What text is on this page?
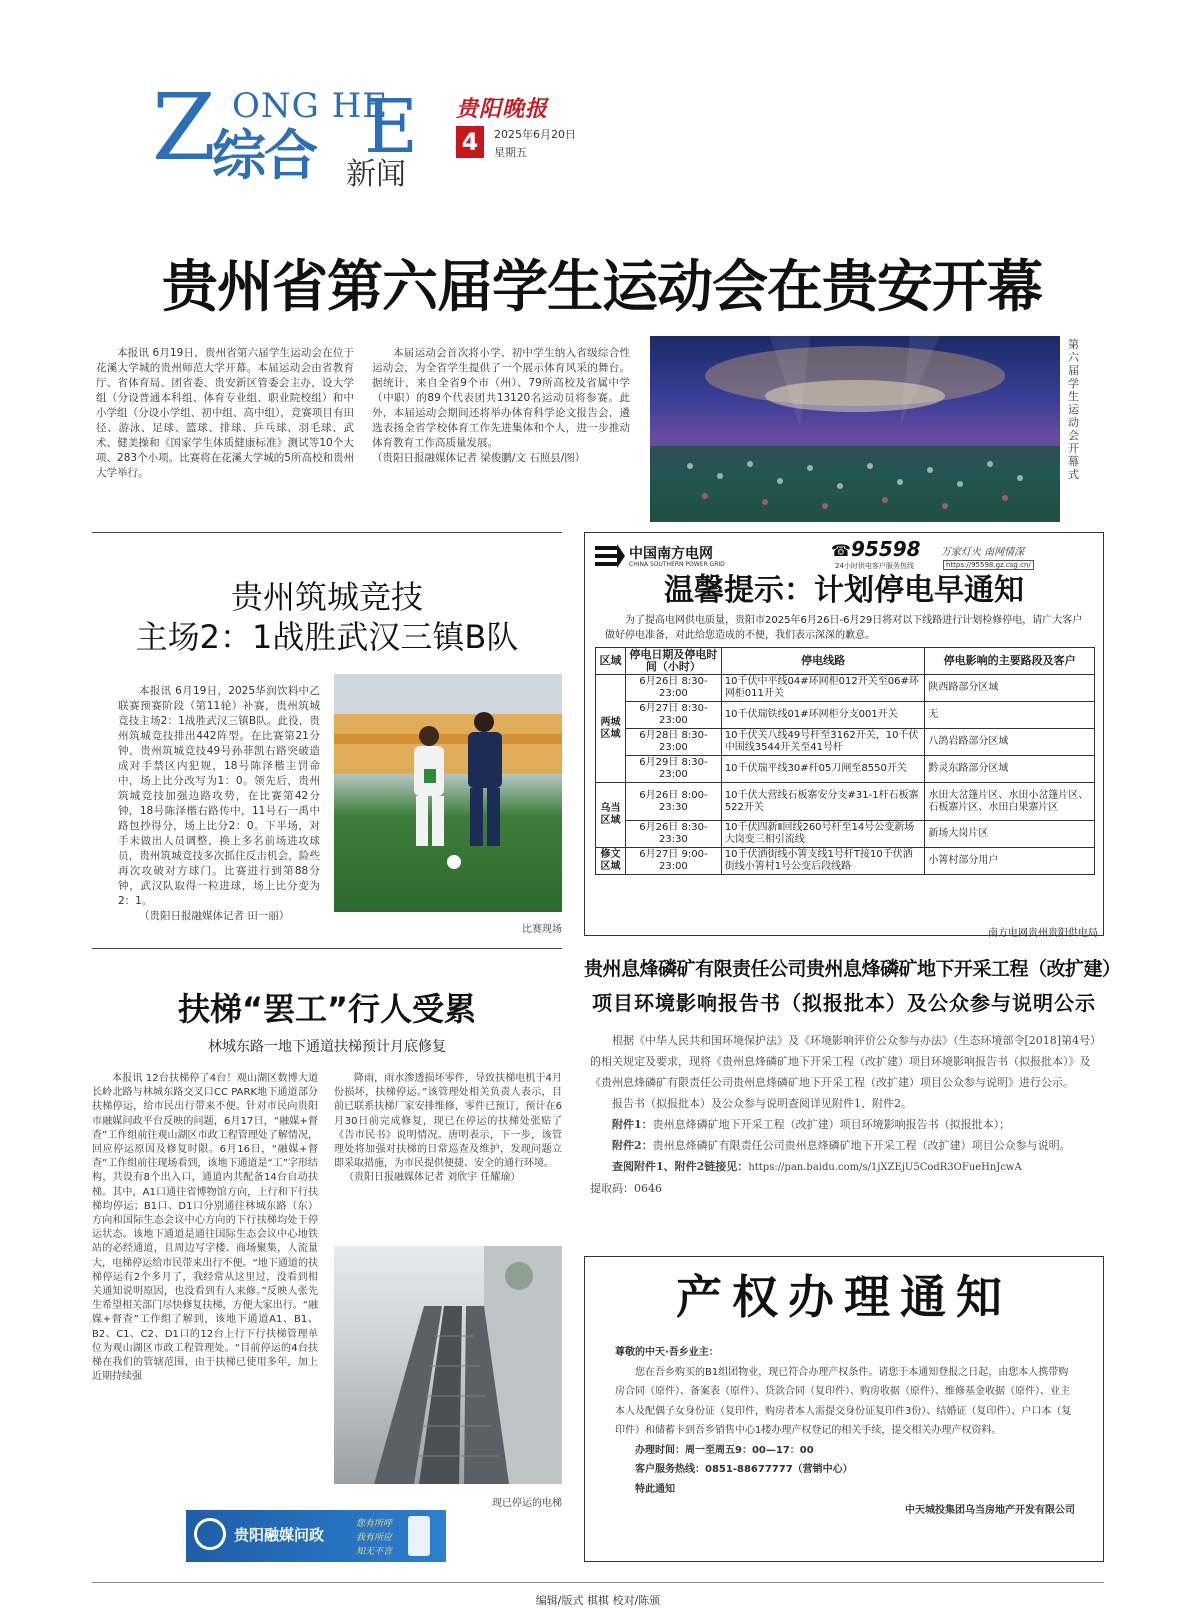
Z ONG HE
E
综合 新闻
贵阳晚报
4	2025年6月20日
星期五
贵州省第六届学生运动会在贵安开幕

本报讯 6月19日，贵州省第六届学生运动会在位于花溪大学城的贵州师范大学开幕。本届运动会由省教育厅、省体育局、团省委、贵安新区管委会主办，设大学组（分设普通本科组、体育专业组、职业院校组）和中小学组（分设小学组、初中组、高中组），竞赛项目有田径、游泳、足球、篮球、排球、乒乓球、羽毛球、武术、健美操和《国家学生体质健康标准》测试等10个大项、283个小项。比赛将在花溪大学城的5所高校和贵州大学举行。

本届运动会首次将小学、初中学生纳入省级综合性运动会，为全省学生提供了一个展示体育风采的舞台。据统计，来自全省9个市（州）、79所高校及省属中学（中职）的89个代表团共13120名运动员将参赛。此外，本届运动会期间还将举办体育科学论文报告会，遴选表扬全省学校体育工作先进集体和个人，进一步推动体育教育工作高质量发展。

（贵阳日报融媒体记者 梁俊鹏/文 石照县/图）
第六届学生运动会开幕式
贵州筑城竞技
主场2：1战胜武汉三镇B队

本报讯 6月19日，2025华润饮料中乙联赛预赛阶段（第11轮）补赛，贵州筑城竞技主场2：1战胜武汉三镇B队。此役，贵州筑城竞技排出442阵型。在比赛第21分钟，贵州筑城竞技49号孙菲凯右路突破造成对手禁区内犯规，18号陈泽楷主罚命中，场上比分改写为1：0。领先后，贵州筑城竞技加强边路攻势，在比赛第42分钟，18号陈泽楷右路传中，11号石一禹中路包抄得分，场上比分2：0。下半场，对手未做出人员调整，换上多名前场进攻球员，贵州筑城竞技多次抓住反击机会，险些再次攻破对方球门。比赛进行到第88分钟，武汉队取得一粒进球，场上比分变为2：1。

（贵阳日报融媒体记者 田一丽）
比赛现场
中国南方电网
CHINA SOUTHERN POWER GRID
☎ 95598 万家灯火 南网情深
24小时供电客户服务热线	https://95598.gz.csg.cn/
温馨提示：计划停电早通知
为了提高电网供电质量，贵阳市2025年6月26日-6月29日将对以下线路进行计划检修停电，请广大客户做好停电准备，对此给您造成的不便，我们表示深深的歉意。
区域	停电日期及停电时间（小时）	停电线路	停电影响的主要路段及客户
两城区域	6月26日 8:30-23:00	10千伏中平线04#环网柜012开关至06#环网柜011开关	陕西路部分区域
	6月27日 8:30-23:00	10千伏瑞铁线01#环网柜分支001开关	无
	6月28日 8:30-23:00	10千伏关八线49号杆至3162开关，10千伏中围线3544开关至41号杆	八鸽岩路部分区域
	6月29日 8:30-23:00	10千伏瑞平线30#杆05刀闸至8550开关	黔灵东路部分区域
乌当区域	6月26日 8:00-23:30	10千伏大营线石板寨安分支#31-1杆石板寨522开关	水田大岔篷片区、水田小岔篷片区、石板寨片区、水田白果寨片区
	6月26日 8:30-23:30	10千伏四新Ⅱ回线260号杆至14号公变新场大岗变三相引流线	新场大岗片区
修文区域	6月27日 9:00-23:00	10千伏洒街线小箐支线1号杆T接10千伏洒街线小箐村1号公变后段线路	小箐村部分用户
南方电网贵州贵阳供电局
扶梯“罢工”行人受累
林城东路一地下通道扶梯预计月底修复

本报讯 12台扶梯停了4台！观山湖区数博大道长岭北路与林城东路交叉口CC PARK地下通道部分扶梯停运，给市民出行带来不便。针对市民向贵阳市融媒问政平台反映的问题，6月17日，“融媒+督查”工作组前往观山湖区市政工程管理处了解情况，回应停运原因及修复时限。6月16日，“融媒+督查”工作组前往现场看到，该地下通道是“工”字形结构，共设有8个出入口，通道内共配备14台自动扶梯。其中，A1口通往省博物馆方向，上行和下行扶梯均停运；B1口、D1口分别通往林城东路（东）方向和国际生态会议中心方向的下行扶梯均处于停运状态。该地下通道是通往国际生态会议中心地铁站的必经通道，且周边写字楼、商场聚集，人流量大，电梯停运给市民带来出行不便。“地下通道的扶梯停运有2个多月了，我经常从这里过，没看到相关通知说明原因，也没看到有人来修。”反映人张先生希望相关部门尽快修复扶梯，方便大家出行。“融媒+督查”工作组了解到，该地下通道A1、B1、B2、C1、C2、D1口的12台上行下行扶梯管理单位为观山湖区市政工程管理处。“目前停运的4台扶梯在我们的管辖范围，由于扶梯已使用多年，加上近期持续强

降雨，雨水渗透损坏零件，导致扶梯电机于4月份损坏，扶梯停运。”该管理处相关负责人表示，目前已联系扶梯厂家安排维修，零件已预订，预计在6月30日前完成修复，现已在停运的扶梯处张贴了《告市民书》说明情况。唐明表示，下一步，该管理处将加强对扶梯的日常巡查及维护，发现问题立即采取措施，为市民提供便捷、安全的通行环境。

（贵阳日报融媒体记者 刘欣宇 任耀瑜）
现已停运的电梯
贵阳融媒问政
您有所呼
我有所应
知无不言
贵州息烽磷矿有限责任公司贵州息烽磷矿地下开采工程（改扩建）
项目环境影响报告书（拟报批本）及公众参与说明公示
根据《中华人民共和国环境保护法》及《环境影响评价公众参与办法》（生态环境部令[2018]第4号）的相关规定及要求，现将《贵州息烽磷矿地下开采工程（改扩建）项目环境影响报告书（拟报批本）》及《贵州息烽磷矿有限责任公司贵州息烽磷矿地下开采工程（改扩建）项目公众参与说明》进行公示。
报告书（拟报批本）及公众参与说明查阅详见附件1、附件2。
附件1：贵州息烽磷矿地下开采工程（改扩建）项目环境影响报告书（拟报批本）；
附件2：贵州息烽磷矿有限责任公司贵州息烽磷矿地下开采工程（改扩建）项目公众参与说明。
查阅附件1、附件2链接见：https://pan.baidu.com/s/1jXZEjU5CodR3OFueHnJcwA
提取码：0646
产权办理通知
尊敬的中天·吾乡业主：
您在吾乡购买的B1组团物业，现已符合办理产权条件。请您于本通知登报之日起，由您本人携带购房合同（原件）、备案表（原件）、贷款合同（复印件）、购房收据（原件）、维修基金收据（原件）、业主本人及配偶子女身份证（复印件，购房者本人需提交身份证复印件3份）、结婚证（复印件）、户口本（复印件）和储蓄卡到吾乡销售中心1楼办理产权登记的相关手续，提交相关办理产权资料。
办理时间：周一至周五9：00—17：00
客户服务热线：0851-88677777（营销中心）
特此通知
中天城投集团乌当房地产开发有限公司
编辑/版式 棋棋 校对/陈颁
